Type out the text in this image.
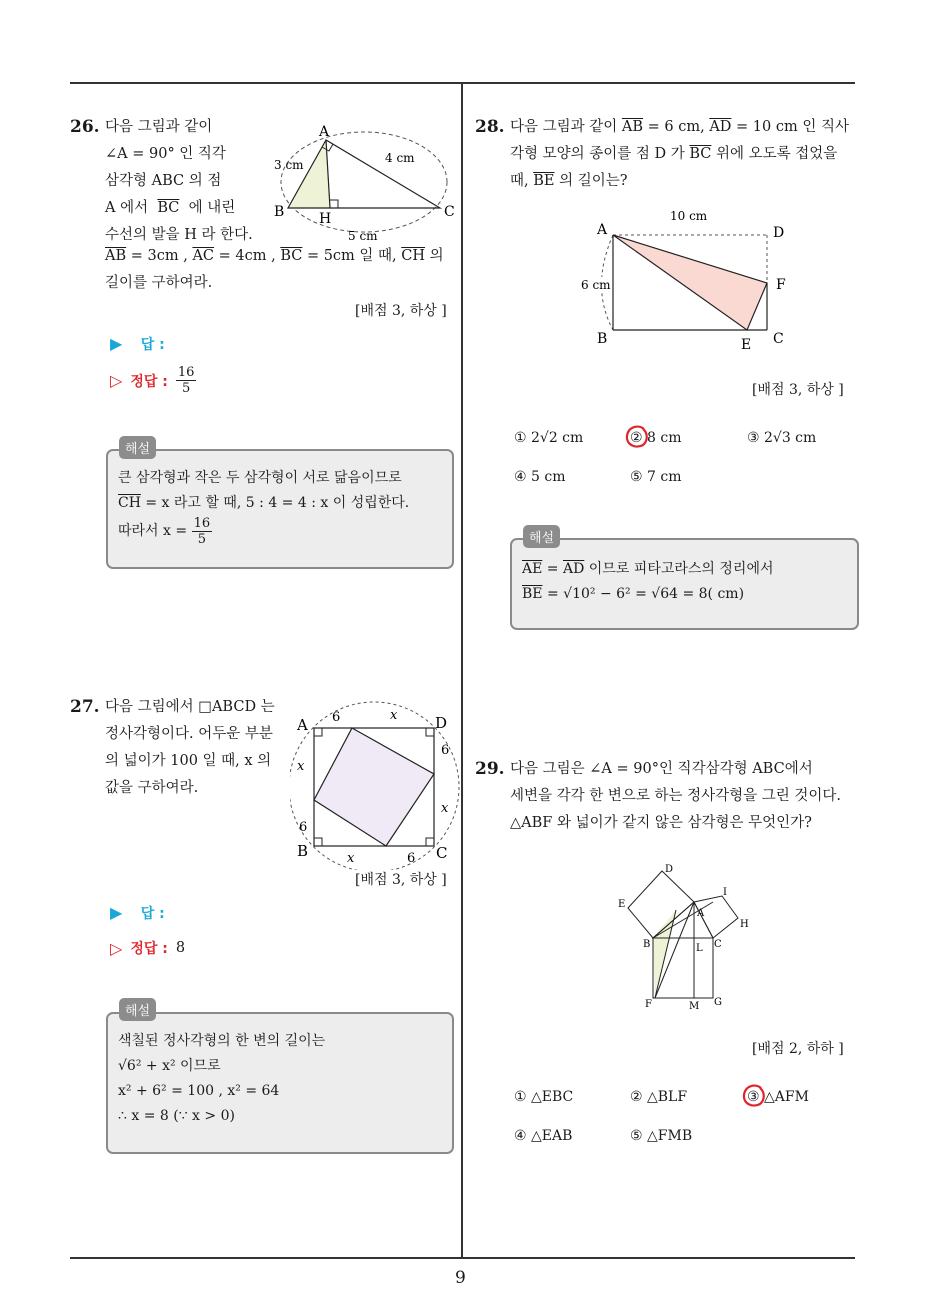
9
26. 다음 그림과 같이
∠A = 90° 인 직각
삼각형 ABC 의 점
A 에서 $\overline{BC}$ 에 내린
수선의 발을 H 라 한다.
$\overline{AB} = 3cm$ , $\overline{AC} = 4cm$ , $\overline{BC} = 5cm$ 일 때, $\overline{CH}$ 의
길이를 구하여라.
[배점 3, 하상 ]
A
B	C
H
3 cm	4 cm
5 cm
▶ 답 :
▷ 정답 : $\frac{16}{5}$
해설
큰 삼각형과 작은 두 삼각형이 서로 닮음이므로
$\overline{CH} = x$ 라고 할 때, 5 : 4 = 4 : x 이 성립한다.
따라서 $x = \frac{16}{5}$
27. 다음 그림에서 □ABCD 는
정사각형이다. 어두운 부분
의 넓이가 100 일 때, x 의
값을 구하여라.
A	D
B	C
6	x
6
x
x
6
x	6
[배점 3, 하상 ]
▶ 답 :
▷ 정답 : 8
해설
색칠된 정사각형의 한 변의 길이는
√6² + x² 이므로
x² + 6² = 100 , x² = 64
∴ x = 8 (∵ x > 0)
28. 다음 그림과 같이 $\overline{AB} = 6$ cm, $\overline{AD} = 10$ cm 인 직사
각형 모양의 종이를 점 D 가 $\overline{BC}$ 위에 오도록 접었을
때, $\overline{BE}$ 의 길이는?
A	D
F
B	E C
10 cm
6 cm
[배점 3, 하상 ]
① 2√2 cm	② 8 cm	③ 2√3 cm
④ 5 cm	⑤ 7 cm
해설
$\overline{AE} = \overline{AD}$ 이므로 피타고라스의 정리에서
$\overline{BE} = √10^2 - 6^2 = √64 = 8$( cm)
29. 다음 그림은 ∠A = 90°인 직각삼각형 ABC에서
세변을 각각 한 변으로 하는 정사각형을 그린 것이다.
△ABF 와 넓이가 같지 않은 삼각형은 무엇인가?
D
E
I
H
A
B	C
L
F	M G
[배점 2, 하하 ]
① △EBC	② △BLF	③ △AFM
④ △EAB	⑤ △FMB
